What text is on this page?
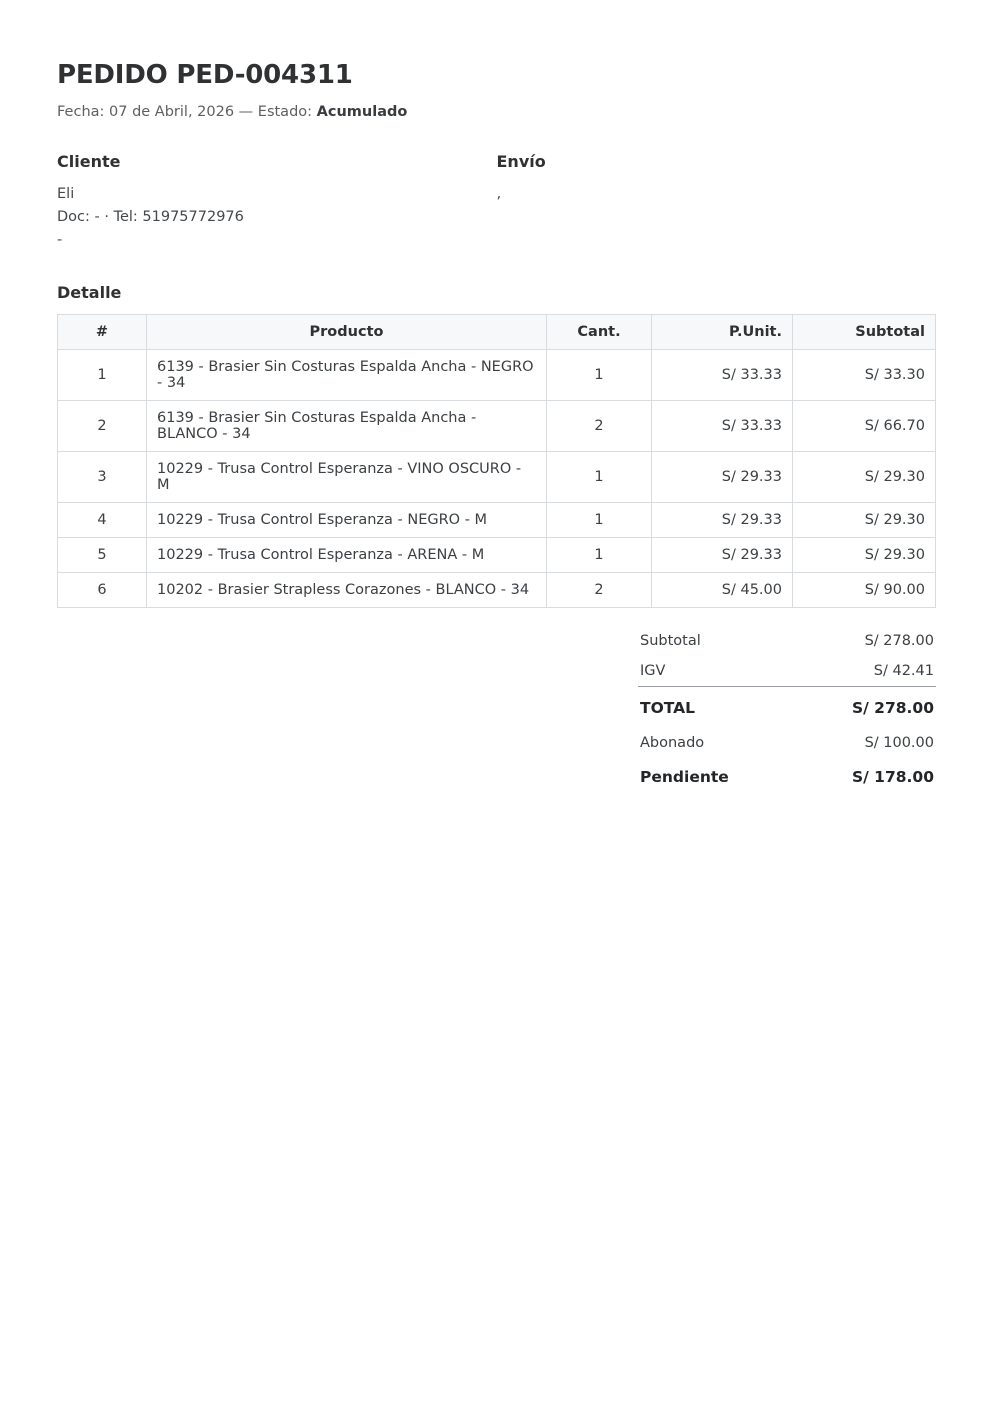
PEDIDO PED-004311

Fecha: 07 de Abril, 2026 — Estado: Acumulado

Cliente
Eli
Doc: - · Tel: 51975772976
-
Envío
,
Detalle
#	Producto	Cant.	P.Unit.	Subtotal
1	6139 - Brasier Sin Costuras Espalda Ancha - NEGRO - 34	1	S/ 33.33	S/ 33.30
2	6139 - Brasier Sin Costuras Espalda Ancha - BLANCO - 34	2	S/ 33.33	S/ 66.70
3	10229 - Trusa Control Esperanza - VINO OSCURO - M	1	S/ 29.33	S/ 29.30
4	10229 - Trusa Control Esperanza - NEGRO - M	1	S/ 29.33	S/ 29.30
5	10229 - Trusa Control Esperanza - ARENA - M	1	S/ 29.33	S/ 29.30
6	10202 - Brasier Strapless Corazones - BLANCO - 34	2	S/ 45.00	S/ 90.00
Subtotal	S/ 278.00
IGV	S/ 42.41
TOTAL	S/ 278.00
Abonado	S/ 100.00
Pendiente	S/ 178.00
